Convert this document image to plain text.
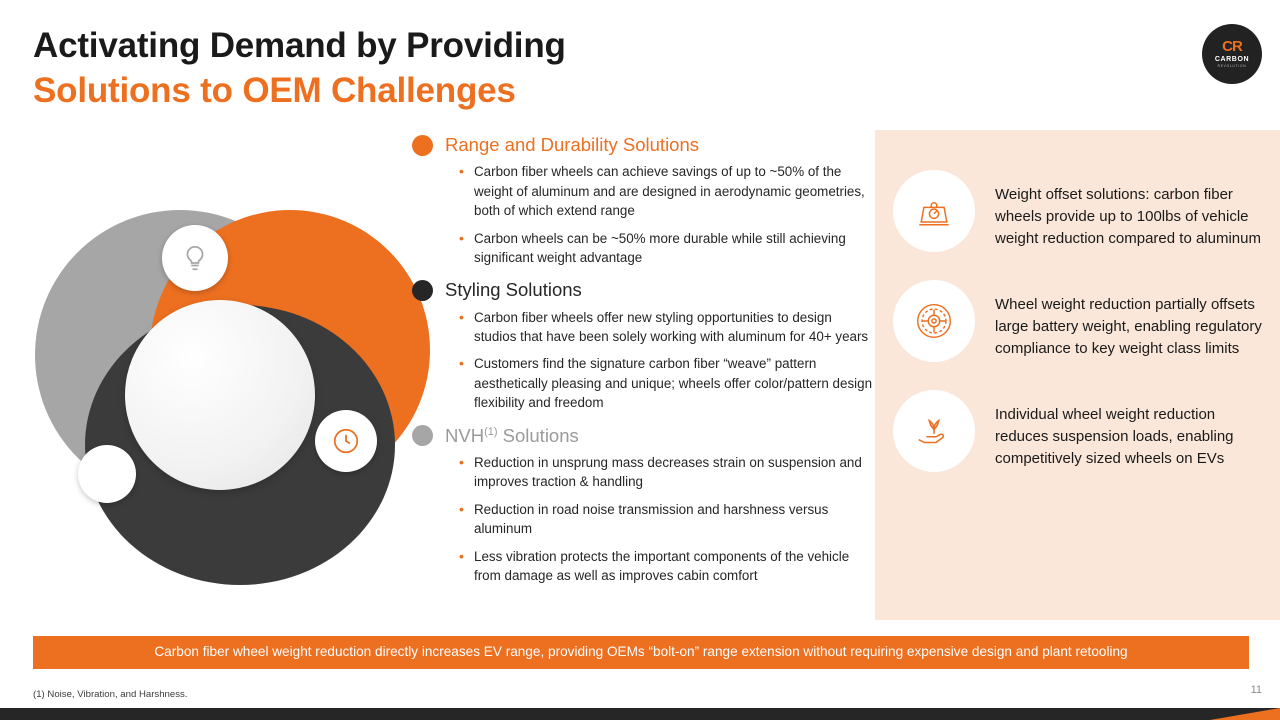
Activating Demand by Providing
Solutions to OEM Challenges
CR
CARBON
REVOLUTION
Range and Durability Solutions
• Carbon fiber wheels can achieve savings of up to ~50% of the weight of aluminum and are designed in aerodynamic geometries, both of which extend range
• Carbon wheels can be ~50% more durable while still achieving significant weight advantage
Styling Solutions
• Carbon fiber wheels offer new styling opportunities to design studios that have been solely working with aluminum for 40+ years
• Customers find the signature carbon fiber “weave” pattern aesthetically pleasing and unique; wheels offer color/pattern design flexibility and freedom
NVH$^{(1)}$ Solutions
• Reduction in unsprung mass decreases strain on suspension and improves traction & handling
• Reduction in road noise transmission and harshness versus aluminum
• Less vibration protects the important components of the vehicle from damage as well as improves cabin comfort
Weight offset solutions: carbon fiber wheels provide up to 100lbs of vehicle weight reduction compared to aluminum
Wheel weight reduction partially offsets large battery weight, enabling regulatory compliance to key weight class limits
Individual wheel weight reduction reduces suspension loads, enabling competitively sized wheels on EVs
Carbon fiber wheel weight reduction directly increases EV range, providing OEMs “bolt-on” range extension without requiring expensive design and plant retooling
(1) Noise, Vibration, and Harshness.	11
